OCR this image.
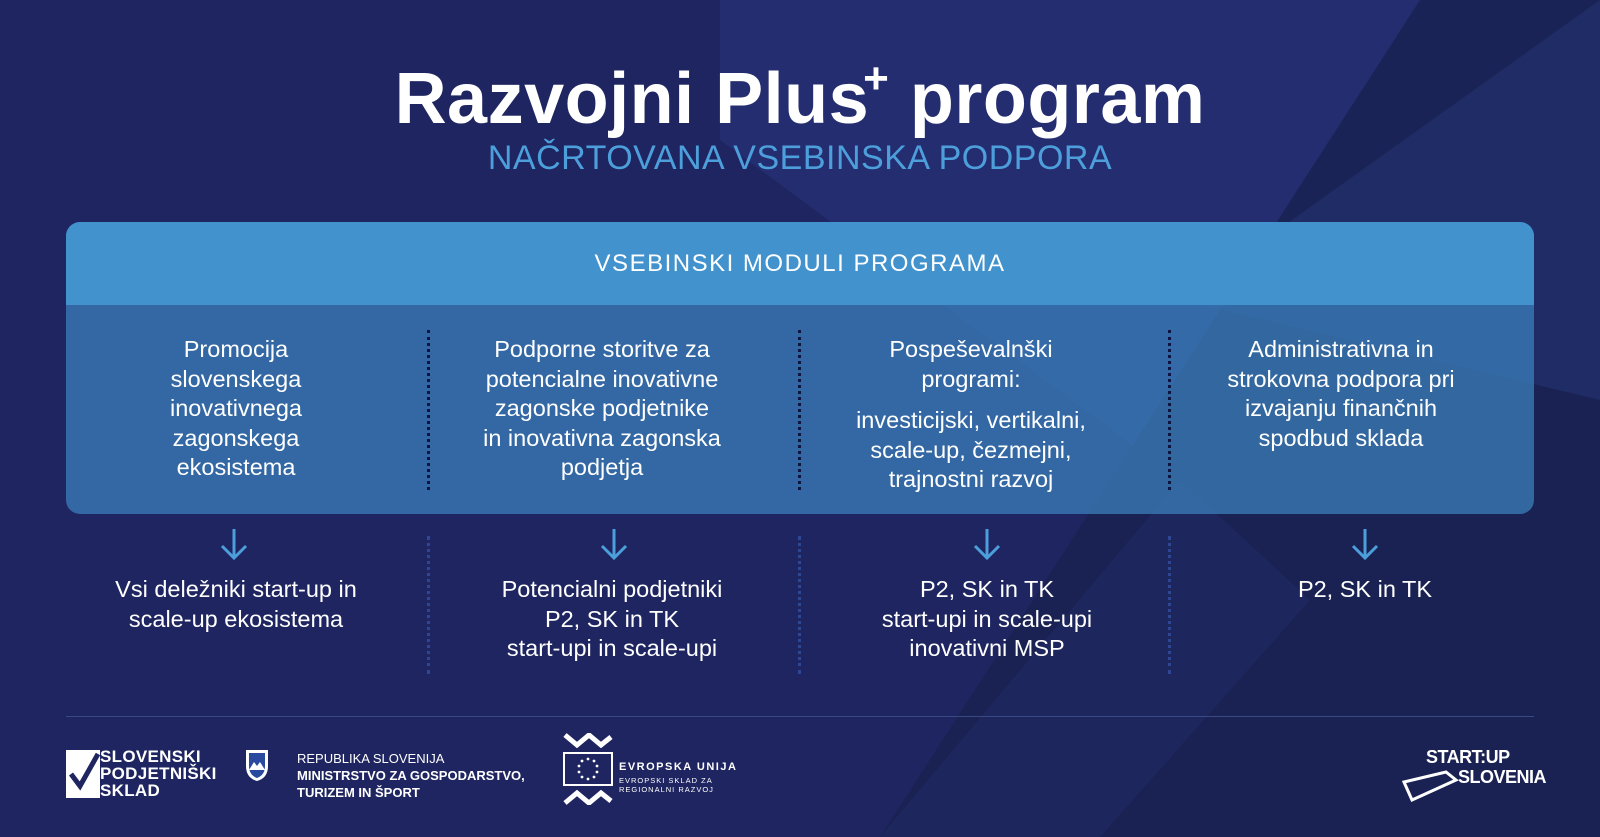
Razvojni Plus+ program
NAČRTOVANA VSEBINSKA PODPORA
VSEBINSKI MODULI PROGRAMA

Promocija

slovenskega

inovativnega

zagonskega

ekosistema

Podporne storitve za

potencialne inovativne

zagonske podjetnike

in inovativna zagonska

podjetja

Pospeševalnški

programi:

investicijski, vertikalni,

scale-up, čezmejni,

trajnostni razvoj

Administrativna in

strokovna podpora pri

izvajanju finančnih

spodbud sklada

Vsi deležniki start-up in

scale-up ekosistema

Potencialni podjetniki

P2, SK in TK

start-upi in scale-upi

P2, SK in TK

start-upi in scale-upi

inovativni MSP

P2, SK in TK

SLOVENSKI
PODJETNIŠKI
SKLAD
REPUBLIKA SLOVENIJA
MINISTRSTVO ZA GOSPODARSTVO,
TURIZEM IN ŠPORT
EVROPSKA UNIJA
EVROPSKI SKLAD ZA
REGIONALNI RAZVOJ
START:UP
SLOVENIA
